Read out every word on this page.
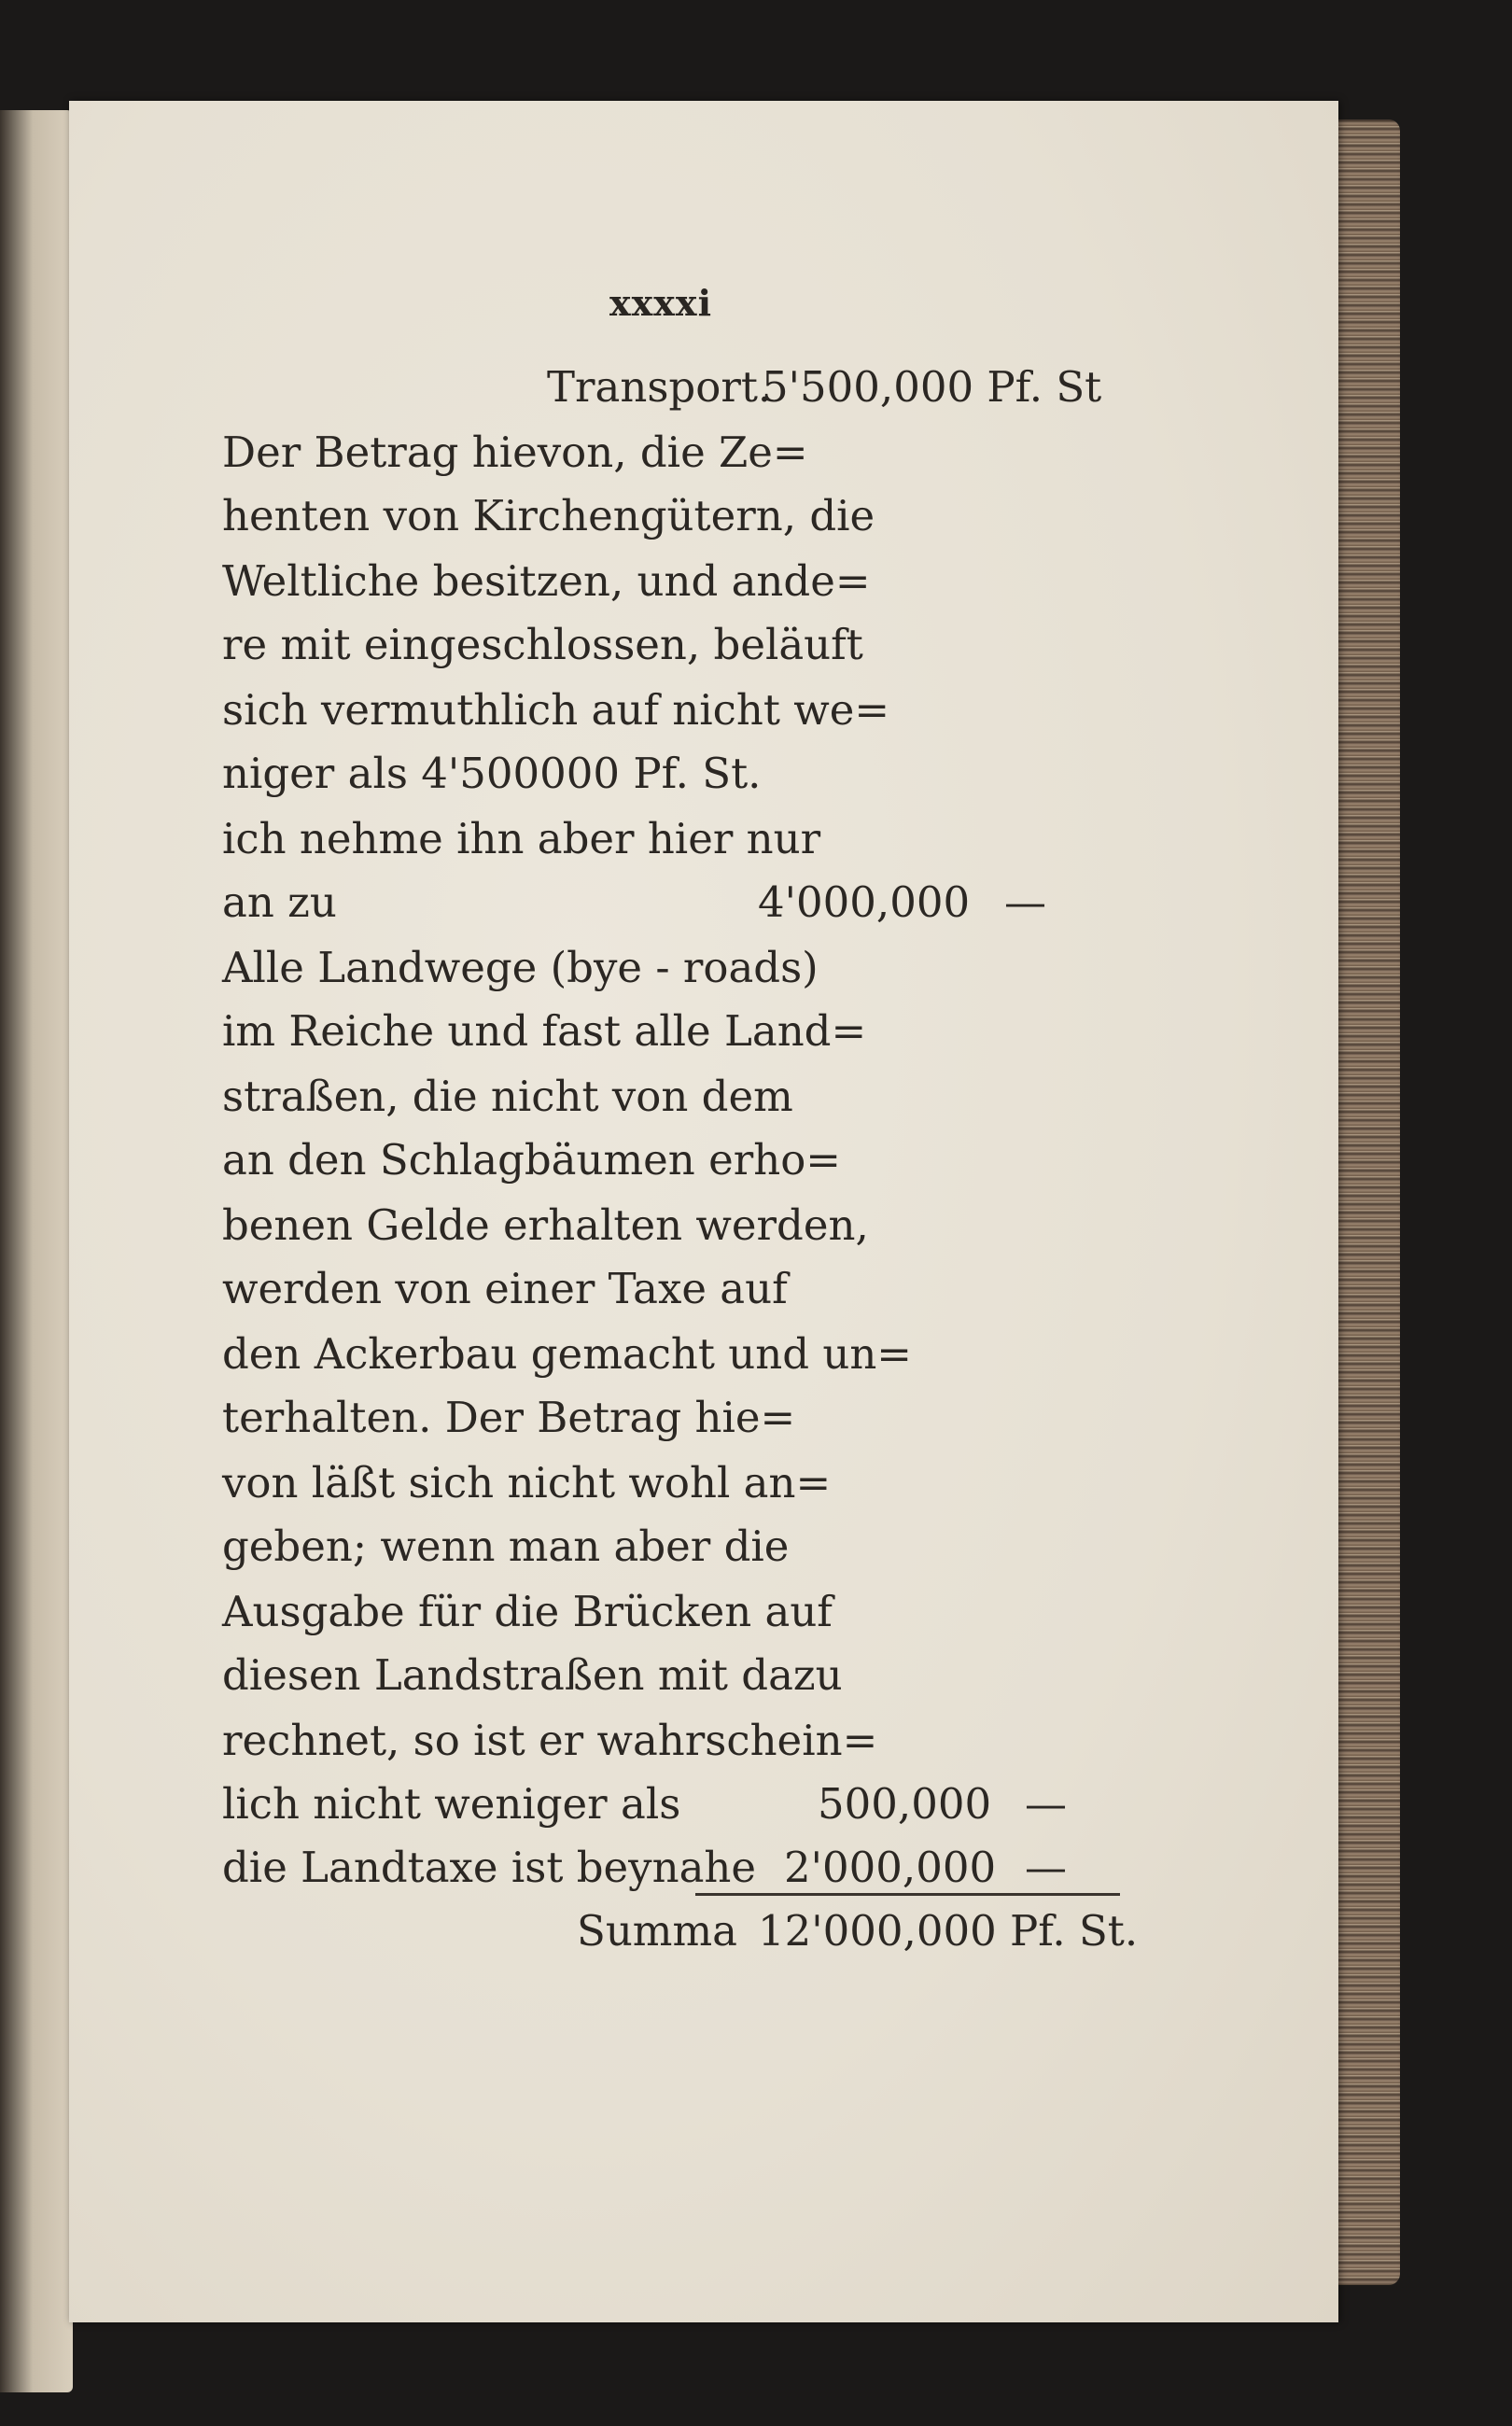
xxxxi
Transport.
5'500,000 Pf. St
Der Betrag hievon, die Ze=
henten von Kirchengütern, die
Weltliche besitzen, und ande=
re mit eingeschlossen, beläuft
sich vermuthlich auf nicht we=
niger als 4'500000 Pf. St.
ich nehme ihn aber hier nur
an zu	4'000,000 —
Alle Landwege (bye - roads)
im Reiche und fast alle Land=
straßen, die nicht von dem
an den Schlagbäumen erho=
benen Gelde erhalten werden,
werden von einer Taxe auf
den Ackerbau gemacht und un=
terhalten. Der Betrag hie=
von läßt sich nicht wohl an=
geben; wenn man aber die
Ausgabe für die Brücken auf
diesen Landstraßen mit dazu
rechnet, so ist er wahrschein=
lich nicht weniger als	500,000 —
die Landtaxe ist beynahe 2'000,000 —
Summa 12'000,000 Pf. St.
